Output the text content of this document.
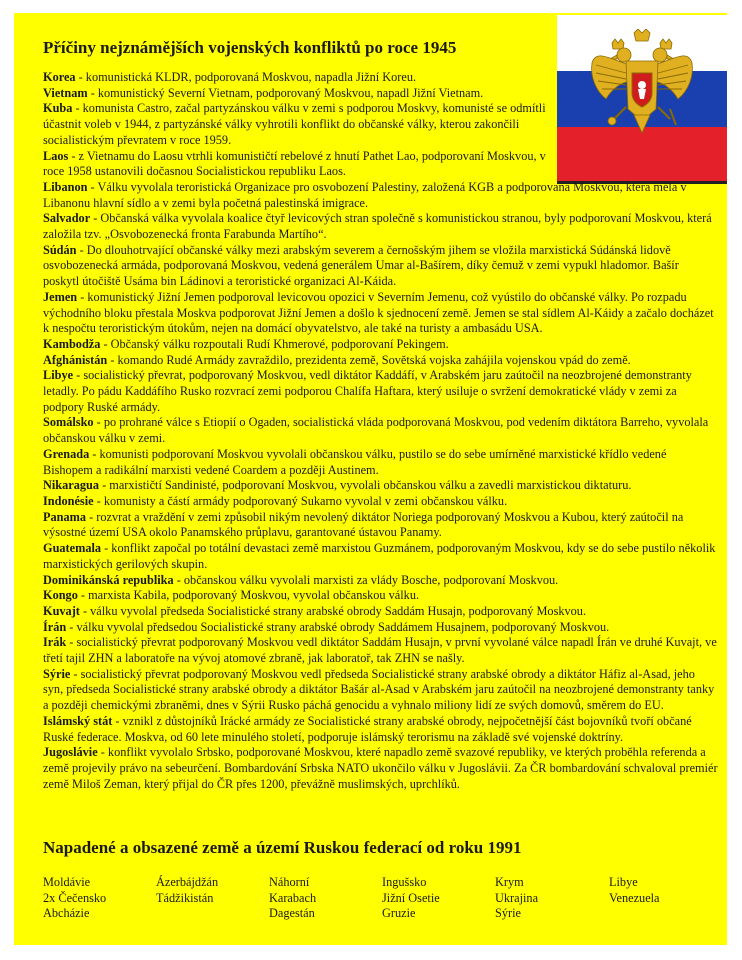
Příčiny nejznámějších vojenských konfliktů po roce 1945

Korea - komunistická KLDR, podporovaná Moskvou, napadla Jižní Koreu.

Vietnam - komunistický Severní Vietnam, podporovaný Moskvou, napadl Jižní Vietnam.

Kuba - komunista Castro, začal partyzánskou válku v zemi s podporou Moskvy, komunisté se odmítli účastnit voleb v 1944, z partyzánské války vyhrotili konflikt do občanské války, kterou zakončili socialistickým převratem v roce 1959.

Laos - z Vietnamu do Laosu vtrhli komunističtí rebelové z hnutí Pathet Lao, podporovaní Moskvou, v roce 1958 ustanovili dočasnou Socialistickou republiku Laos.

Libanon - Válku vyvolala teroristická Organizace pro osvobození Palestiny, založená KGB a podporovaná Moskvou, která měla v Libanonu hlavní sídlo a v zemi byla početná palestinská imigrace.

Salvador - Občanská válka vyvolala koalice čtyř levicových stran společně s komunistickou stranou, byly podporovaní Moskvou, která založila tzv. „Osvobozenecká fronta Farabunda Martího“.

Súdán - Do dlouhotrvající občanské války mezi arabským severem a černošským jihem se vložila marxistická Súdánská lidově osvobozenecká armáda, podporovaná Moskvou, vedená generálem Umar al-Bašírem, díky čemuž v zemi vypukl hladomor. Bašír poskytl útočiště Usáma bin Ládinovi a teroristické organizaci Al-Káida.

Jemen - komunistický Jižní Jemen podporoval levicovou opozici v Severním Jemenu, což vyústilo do občanské války. Po rozpadu východního bloku přestala Moskva podporovat Jižní Jemen a došlo k sjednocení země. Jemen se stal sídlem Al-Káidy a začalo docházet k nespočtu teroristickým útokům, nejen na domácí obyvatelstvo, ale také na turisty a ambasádu USA.

Kambodža - Občanský válku rozpoutali Rudí Khmerové, podporovaní Pekingem.

Afghánistán - komando Rudé Armády zavraždilo, prezidenta země, Sovětská vojska zahájila vojenskou vpád do země.

Libye - socialistický převrat, podporovaný Moskvou, vedl diktátor Kaddáfí, v Arabském jaru zaútočil na neozbrojené demonstranty letadly. Po pádu Kaddáfího Rusko rozvrací zemi podporou Chalífa Haftara, který usiluje o svržení demokratické vlády v zemi za podpory Ruské armády.

Somálsko - po prohrané válce s Etiopií o Ogaden, socialistická vláda podporovaná Moskvou, pod vedením diktátora Barreho, vyvolala občanskou válku v zemi.

Grenada - komunisti podporovaní Moskvou vyvolali občanskou válku, pustilo se do sebe umírněné marxistické křídlo vedené Bishopem a radikální marxisti vedené Coardem a později Austinem.

Nikaragua - marxističtí Sandinisté, podporovaní Moskvou, vyvolali občanskou válku a zavedli marxistickou diktaturu.

Indonésie - komunisty a částí armády podporovaný Sukarno vyvolal v zemi občanskou válku.

Panama - rozvrat a vraždění v zemi způsobil nikým nevolený diktátor Noriega podporovaný Moskvou a Kubou, který zaútočil na výsostné území USA okolo Panamského průplavu, garantované ústavou Panamy.

Guatemala - konflikt započal po totální devastaci země marxistou Guzmánem, podporovaným Moskvou, kdy se do sebe pustilo několik marxistických gerilových skupin.

Dominikánská republika - občanskou válku vyvolali marxisti za vlády Bosche, podporovaní Moskvou.

Kongo - marxista Kabila, podporovaný Moskvou, vyvolal občanskou válku.

Kuvajt - válku vyvolal předseda Socialistické strany arabské obrody Saddám Husajn, podporovaný Moskvou.

Írán - válku vyvolal předsedou Socialistické strany arabské obrody Saddámem Husajnem, podporovaný Moskvou.

Irák - socialistický převrat podporovaný Moskvou vedl diktátor Saddám Husajn, v první vyvolané válce napadl Írán ve druhé Kuvajt, ve třetí tajil ZHN a laboratoře na vývoj atomové zbraně, jak laboratoř, tak ZHN se našly.

Sýrie - socialistický převrat podporovaný Moskvou vedl předseda Socialistické strany arabské obrody a diktátor Háfiz al-Asad, jeho syn, předseda Socialistické strany arabské obrody a diktátor Bašár al-Asad v Arabském jaru zaútočil na neozbrojené demonstranty tanky a později chemickými zbraněmi, dnes v Sýrii Rusko páchá genocidu a vyhnalo miliony lidí ze svých domovů, směrem do EU.

Islámský stát - vznikl z důstojníků Irácké armády ze Socialistické strany arabské obrody, nejpočetnější část bojovníků tvoří občané Ruské federace. Moskva, od 60 lete minulého století, podporuje islámský terorismu na základě své vojenské doktríny.

Jugoslávie - konflikt vyvolalo Srbsko, podporované Moskvou, které napadlo země svazové republiky, ve kterých proběhla referenda a země projevily právo na sebeurčení. Bombardování Srbska NATO ukončilo válku v Jugoslávii. Za ČR bombardování schvaloval premiér země Miloš Zeman, který přijal do ČR přes 1200, převážně muslimských, uprchlíků.

Napadené a obsazené země a území Ruskou federací od roku 1991
Moldávie
2x Čečensko
Abcházie
Ázerbájdžán
Tádžikistán
Náhorní
Karabach
Dagestán
Ingušsko
Jižní Osetie
Gruzie
Krym
Ukrajina
Sýrie
Libye
Venezuela
